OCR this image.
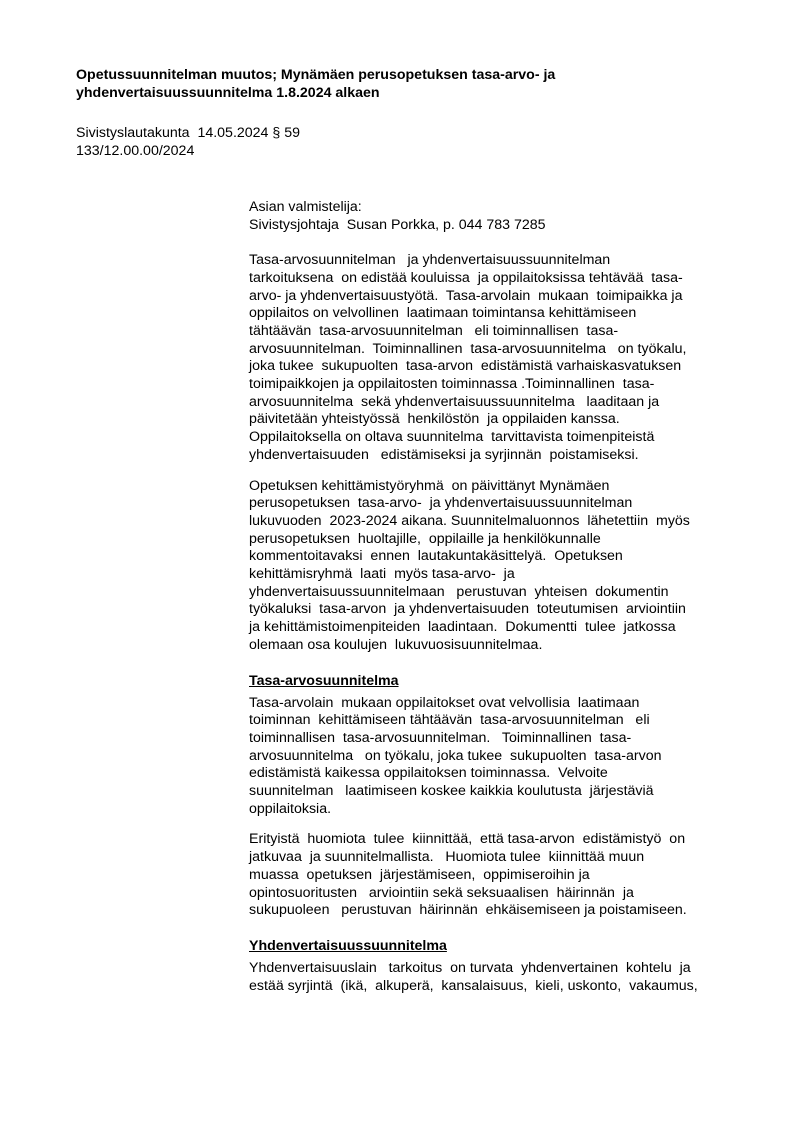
Opetussuunnitelman muutos; Mynämäen perusopetuksen tasa-arvo- ja
yhdenvertaisuussuunnitelma 1.8.2024 alkaen
Sivistyslautakunta  14.05.2024 § 59
133/12.00.00/2024
Asian valmistelija:
Sivistysjohtaja  Susan Porkka, p. 044 783 7285
Tasa-arvosuunnitelman   ja yhdenvertaisuussuunnitelman
tarkoituksena  on edistää kouluissa  ja oppilaitoksissa tehtävää  tasa-
arvo- ja yhdenvertaisuustyötä.  Tasa-arvolain  mukaan  toimipaikka ja
oppilaitos on velvollinen  laatimaan toimintansa kehittämiseen
tähtäävän  tasa-arvosuunnitelman   eli toiminnallisen  tasa-
arvosuunnitelman.  Toiminnallinen  tasa-arvosuunnitelma   on työkalu,
joka tukee  sukupuolten  tasa-arvon  edistämistä varhaiskasvatuksen
toimipaikkojen ja oppilaitosten toiminnassa .Toiminnallinen  tasa-
arvosuunnitelma  sekä yhdenvertaisuussuunnitelma   laaditaan ja
päivitetään yhteistyössä  henkilöstön  ja oppilaiden kanssa.
Oppilaitoksella on oltava suunnitelma  tarvittavista toimenpiteistä
yhdenvertaisuuden   edistämiseksi ja syrjinnän  poistamiseksi.
Opetuksen kehittämistyöryhmä  on päivittänyt Mynämäen
perusopetuksen  tasa-arvo-  ja yhdenvertaisuussuunnitelman
lukuvuoden  2023-2024 aikana. Suunnitelmaluonnos  lähetettiin  myös
perusopetuksen  huoltajille,  oppilaille ja henkilökunnalle
kommentoitavaksi  ennen  lautakuntakäsittelyä.  Opetuksen
kehittämisryhmä  laati  myös tasa-arvo-  ja
yhdenvertaisuussuunnitelmaan   perustuvan  yhteisen  dokumentin
työkaluksi  tasa-arvon  ja yhdenvertaisuuden  toteutumisen  arviointiin
ja kehittämistoimenpiteiden  laadintaan.  Dokumentti  tulee  jatkossa
olemaan osa koulujen  lukuvuosisuunnitelmaa.
Tasa-arvosuunnitelma
Tasa-arvolain  mukaan oppilaitokset ovat velvollisia  laatimaan
toiminnan  kehittämiseen tähtäävän  tasa-arvosuunnitelman   eli
toiminnallisen  tasa-arvosuunnitelman.   Toiminnallinen  tasa-
arvosuunnitelma   on työkalu, joka tukee  sukupuolten  tasa-arvon
edistämistä kaikessa oppilaitoksen toiminnassa.  Velvoite
suunnitelman   laatimiseen koskee kaikkia koulutusta  järjestäviä
oppilaitoksia.
Erityistä  huomiota  tulee  kiinnittää,  että tasa-arvon  edistämistyö  on
jatkuvaa  ja suunnitelmallista.   Huomiota tulee  kiinnittää muun
muassa  opetuksen  järjestämiseen,  oppimiseroihin ja
opintosuoritusten   arviointiin sekä seksuaalisen  häirinnän  ja
sukupuoleen   perustuvan  häirinnän  ehkäisemiseen ja poistamiseen.
Yhdenvertaisuussuunnitelma
Yhdenvertaisuuslain   tarkoitus  on turvata  yhdenvertainen  kohtelu  ja
estää syrjintä  (ikä,  alkuperä,  kansalaisuus,  kieli, uskonto,  vakaumus,
